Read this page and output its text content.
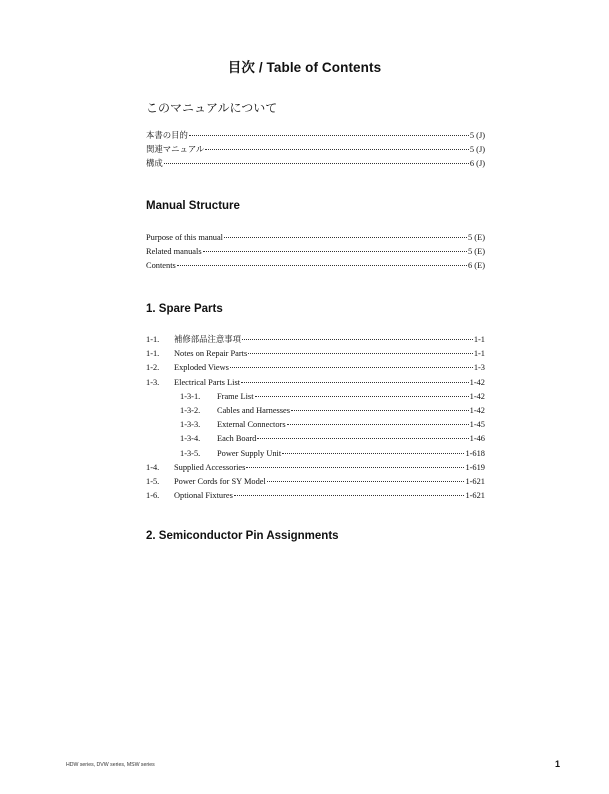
目次 / Table of Contents
このマニュアルについて
本書の目的	5 (J)
関連マニュアル	5 (J)
構成	6 (J)
Manual Structure
Purpose of this manual	5 (E)
Related manuals	5 (E)
Contents	6 (E)
1. Spare Parts
1-1.	補修部品注意事項	1-1
1-1.	Notes on Repair Parts	1-1
1-2.	Exploded Views	1-3
1-3.	Electrical Parts List	1-42
1-3-1.	Frame List	1-42
1-3-2.	Cables and Harnesses	1-42
1-3-3.	External Connectors	1-45
1-3-4.	Each Board	1-46
1-3-5.	Power Supply Unit	1-618
1-4.	Supplied Accessories	1-619
1-5.	Power Cords for SY Model	1-621
1-6.	Optional Fixtures	1-621
2. Semiconductor Pin Assignments
HDW series, DVW series, MSW series	1
